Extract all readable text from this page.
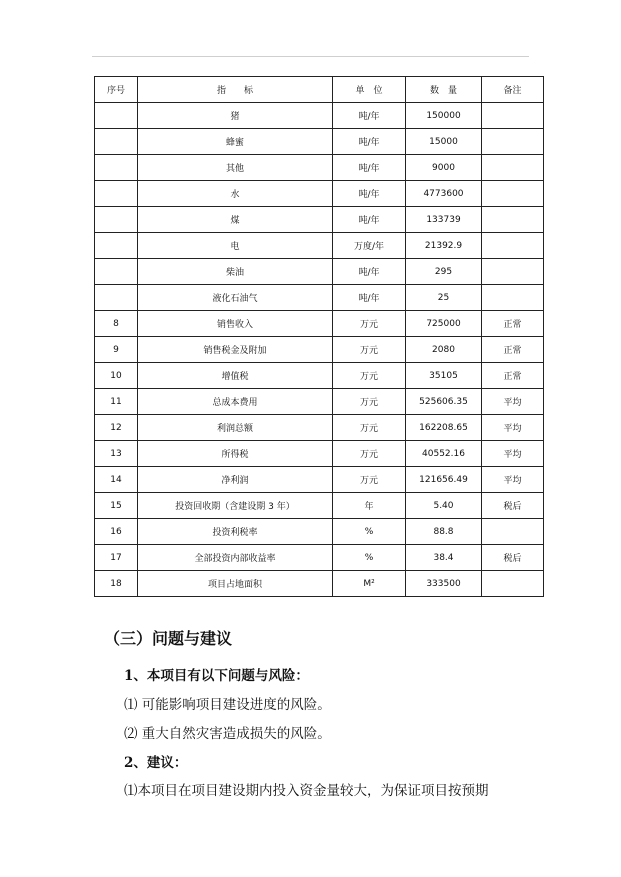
序号	指　　标	单　位	数　量	备注
	猪	吨/年	150000	
	蜂蜜	吨/年	15000	
	其他	吨/年	9000	
	水	吨/年	4773600	
	煤	吨/年	133739	
	电	万度/年	21392.9	
	柴油	吨/年	295	
	液化石油气	吨/年	25	
8	销售收入	万元	725000	正常
9	销售税金及附加	万元	2080	正常
10	增值税	万元	35105	正常
11	总成本费用	万元	525606.35	平均
12	利润总额	万元	162208.65	平均
13	所得税	万元	40552.16	平均
14	净利润	万元	121656.49	平均
15	投资回收期（含建设期 3 年）	年	5.40	税后
16	投资利税率	%	88.8	
17	全部投资内部收益率	%	38.4	税后
18	项目占地面积	M²	333500	
（三）问题与建议

1、本项目有以下问题与风险：

⑴ 可能影响项目建设进度的风险。

⑵ 重大自然灾害造成损失的风险。

2、建议：

⑴本项目在项目建设期内投入资金量较大，为保证项目按预期
